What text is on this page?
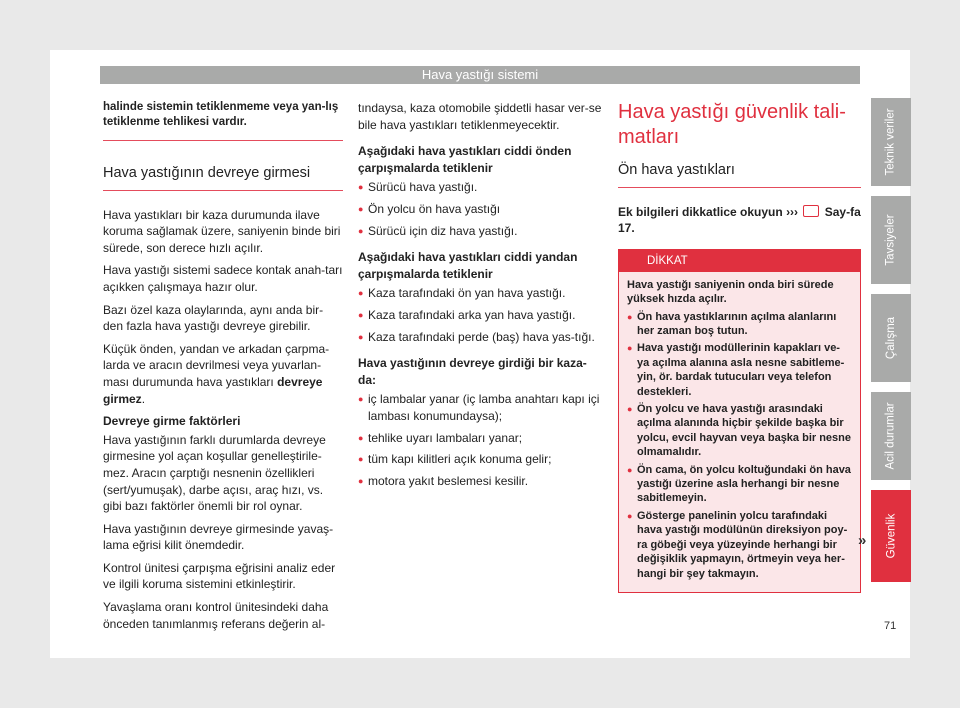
Hava yastığı sistemi
halinde sistemin tetiklenmeme veya yan-lış tetiklenme tehlikesi vardır.
Hava yastığının devreye girmesi

Hava yastıkları bir kaza durumunda ilave koruma sağlamak üzere, saniyenin binde biri sürede, son derece hızlı açılır.

Hava yastığı sistemi sadece kontak anah-tarı açıkken çalışmaya hazır olur.

Bazı özel kaza olaylarında, aynı anda bir-den fazla hava yastığı devreye girebilir.

Küçük önden, yandan ve arkadan çarpma-larda ve aracın devrilmesi veya yuvarlan-ması durumunda hava yastıkları devreye girmez.

Devreye girme faktörleri

Hava yastığının farklı durumlarda devreye girmesine yol açan koşullar genelleştirile-mez. Aracın çarptığı nesnenin özellikleri (sert/yumuşak), darbe açısı, araç hızı, vs. gibi bazı faktörler önemli bir rol oynar.

Hava yastığının devreye girmesinde yavaş-lama eğrisi kilit önemdedir.

Kontrol ünitesi çarpışma eğrisini analiz eder ve ilgili koruma sistemini etkinleştirir.

Yavaşlama oranı kontrol ünitesindeki daha önceden tanımlanmış referans değerin al-

tındaysa, kaza otomobile şiddetli hasar ver-se bile hava yastıkları tetiklenmeyecektir.

Aşağıdaki hava yastıkları ciddi önden çarpışmalarda tetiklenir

● Sürücü hava yastığı.
● Ön yolcu ön hava yastığı
● Sürücü için diz hava yastığı.

Aşağıdaki hava yastıkları ciddi yandan çarpışmalarda tetiklenir

● Kaza tarafındaki ön yan hava yastığı.
● Kaza tarafındaki arka yan hava yastığı.
● Kaza tarafındaki perde (baş) hava yas-tığı.

Hava yastığının devreye girdiği bir kaza-da:

● iç lambalar yanar (iç lamba anahtarı kapı içi lambası konumundaysa);
● tehlike uyarı lambaları yanar;
● tüm kapı kilitleri açık konuma gelir;
● motora yakıt beslemesi kesilir.
Hava yastığı güvenlik tali-matları
Ön hava yastıkları

Ek bilgileri dikkatlice okuyun ›››  Say-fa 17.

DİKKAT

Hava yastığı saniyenin onda biri sürede yüksek hızda açılır.

● Ön hava yastıklarının açılma alanlarını her zaman boş tutun.
● Hava yastığı modüllerinin kapakları ve-ya açılma alanına asla nesne sabitleme-yin, ör. bardak tutucuları veya telefon destekleri.
● Ön yolcu ve hava yastığı arasındaki açılma alanında hiçbir şekilde başka bir yolcu, evcil hayvan veya başka bir nesne olmamalıdır.
● Ön cama, ön yolcu koltuğundaki ön hava yastığı üzerine asla herhangi bir nesne sabitlemeyin.
● Gösterge panelinin yolcu tarafındaki hava yastığı modülünün direksiyon poy-ra göbeği veya yüzeyinde herhangi bir değişiklik yapmayın, örtmeyin veya her-hangi bir şey takmayın.
»
Teknik veriler
Tavsiyeler
Çalışma
Acil durumlar
Güvenlik
71
